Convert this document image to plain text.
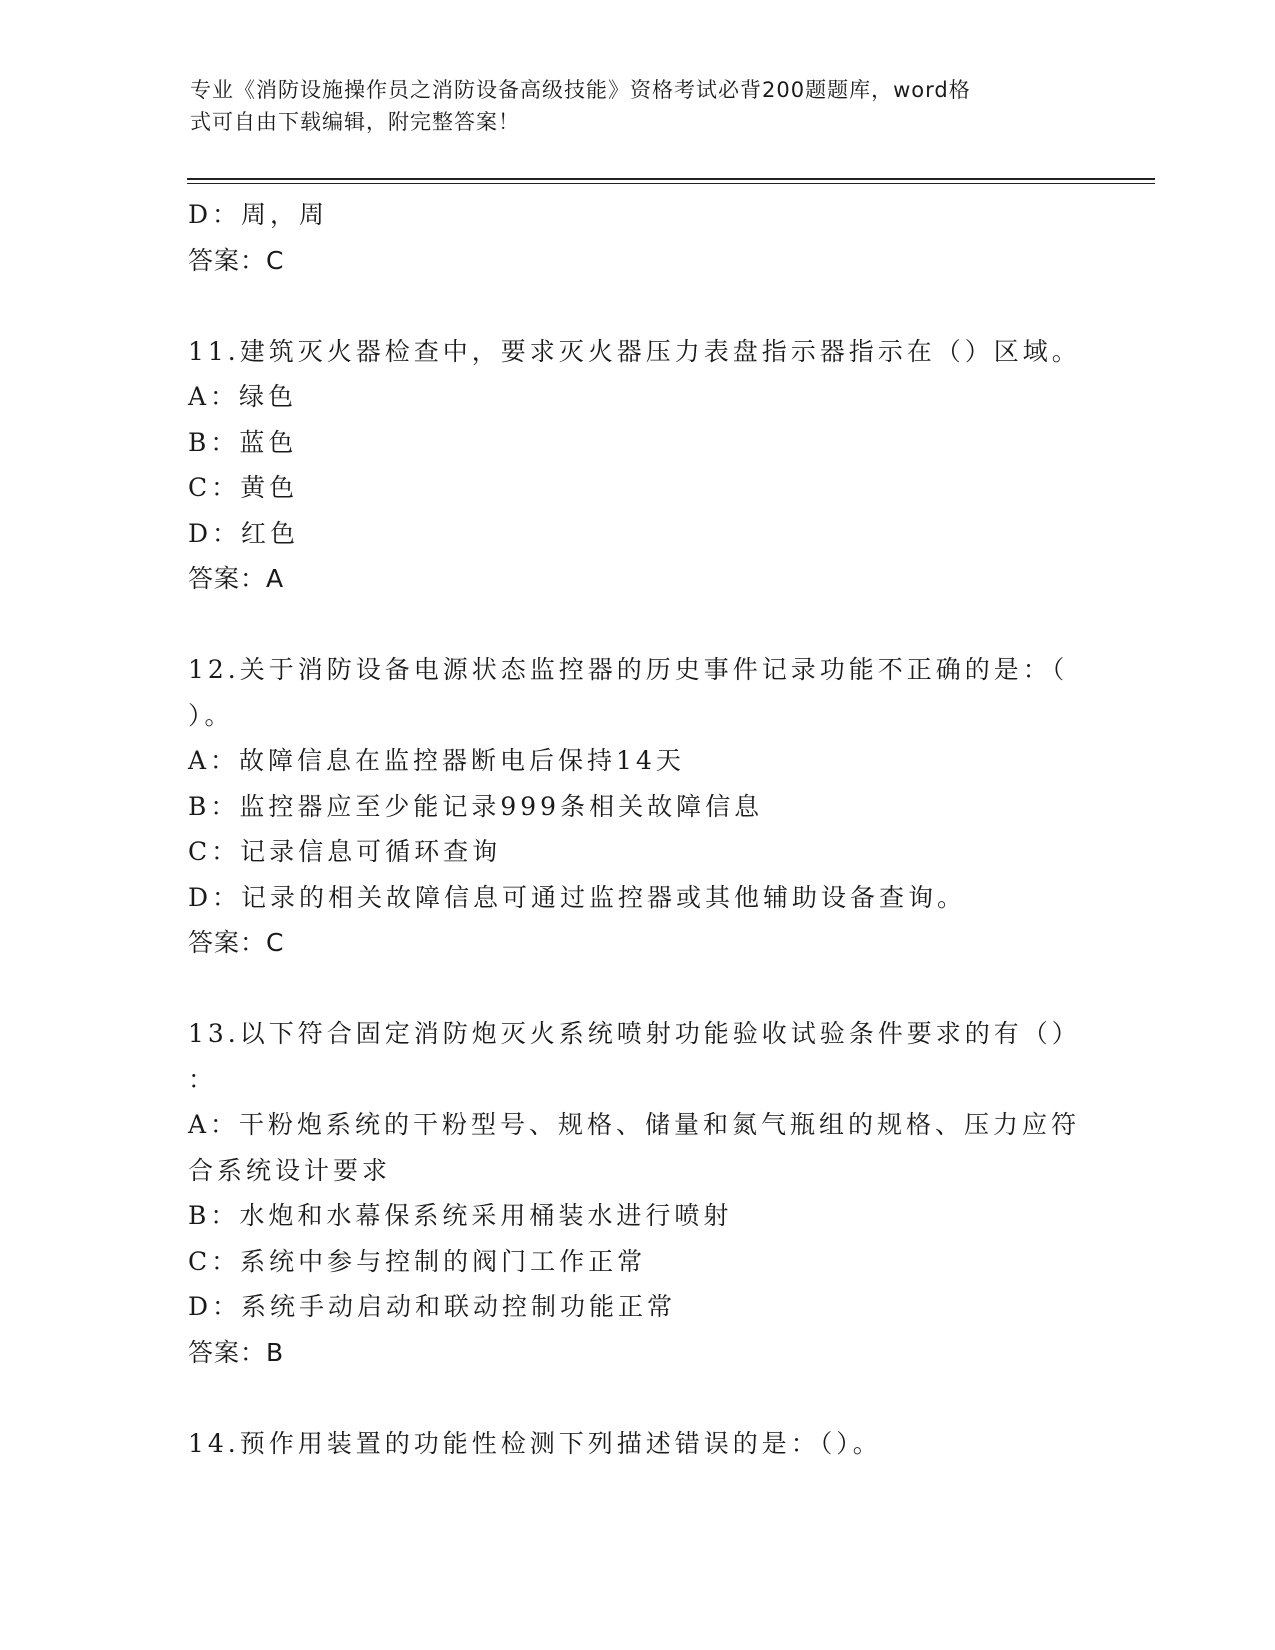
专业《消防设施操作员之消防设备高级技能》资格考试必背200题题库，word格
式可自由下载编辑，附完整答案！
D：周，周
答案：C
11.建筑灭火器检查中，要求灭火器压力表盘指示器指示在（）区域。
A：绿色
B：蓝色
C：黄色
D：红色
答案：A
12.关于消防设备电源状态监控器的历史事件记录功能不正确的是：（
）。
A：故障信息在监控器断电后保持14天
B：监控器应至少能记录999条相关故障信息
C：记录信息可循环查询
D：记录的相关故障信息可通过监控器或其他辅助设备查询。
答案：C
13.以下符合固定消防炮灭火系统喷射功能验收试验条件要求的有（）
：
A：干粉炮系统的干粉型号、规格、储量和氮气瓶组的规格、压力应符
合系统设计要求
B：水炮和水幕保系统采用桶装水进行喷射
C：系统中参与控制的阀门工作正常
D：系统手动启动和联动控制功能正常
答案：B
14.预作用装置的功能性检测下列描述错误的是：（）。
